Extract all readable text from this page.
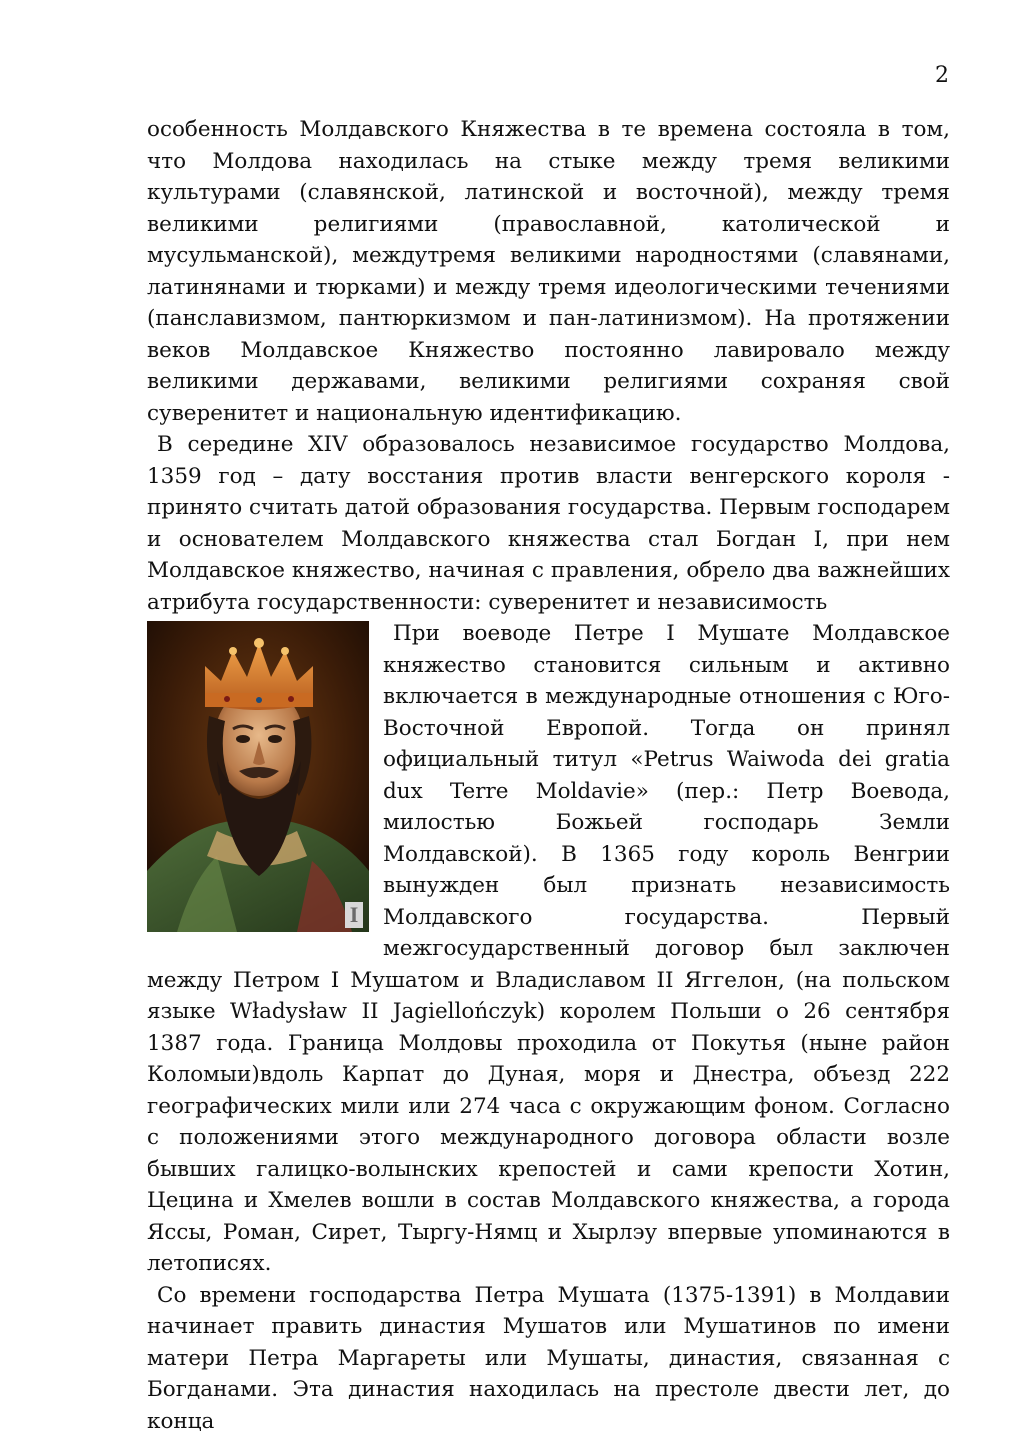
2

особенность Молдавского Княжества в те времена состояла в том, что Молдова находилась на стыке между тремя великими культурами (славянской, латинской и восточной), между тремя великими религиями (православной, католической и мусульманской), междутремя великими народностями (славянами, латинянами и тюрками) и между тремя идеологическими течениями (панславизмом, пантюркизмом и пан-латинизмом). На протяжении веков Молдавское Княжество постоянно лавировало между великими державами, великими религиями сохраняя свой суверенитет и национальную идентификацию.

В середине XIV образовалось независимое государство Молдова, 1359 год – дату восстания против власти венгерского короля - принято считать датой образования государства. Первым господарем и основателем Молдавского княжества стал Богдан I, при нем Молдавское княжество, начиная с правления, обрело два важнейших атрибута государственности: суверенитет и независимость

I

При воеводе Петре I Мушате Молдавское княжество становится сильным и активно включается в международные отношения с Юго-Восточной Европой. Тогда он принял официальный титул «Petrus Waiwoda dei gratia dux Terre Moldavie» (пер.: Петр Воевода, милостью Божьей господарь Земли Молдавской). В 1365 году король Венгрии вынужден был признать независимость Молдавского государства. Первый межгосударственный договор был заключен между Петром I Мушатом и Владиславом II Яггелон, (на польском языке Władysław II Jagiellończyk) королем Польши о 26 сентября 1387 года. Граница Молдовы проходила от Покутья (ныне район Коломыи)вдоль Карпат до Дуная, моря и Днестра, объезд 222 географических мили или 274 часа с окружающим фоном. Согласно с положениями этого международного договора области возле бывших галицко-волынских крепостей и сами крепости Хотин, Цецина и Хмелев вошли в состав Молдавского княжества, а города Яссы, Роман, Сирет, Тыргу-Нямц и Хырлэу впервые упоминаются в летописях.

Со времени господарства Петра Мушата (1375-1391) в Молдавии начинает править династия Мушатов или Мушатинов по имени матери Петра Маргареты или Мушаты, династия, связанная с Богданами. Эта династия находилась на престоле двести лет, до конца
